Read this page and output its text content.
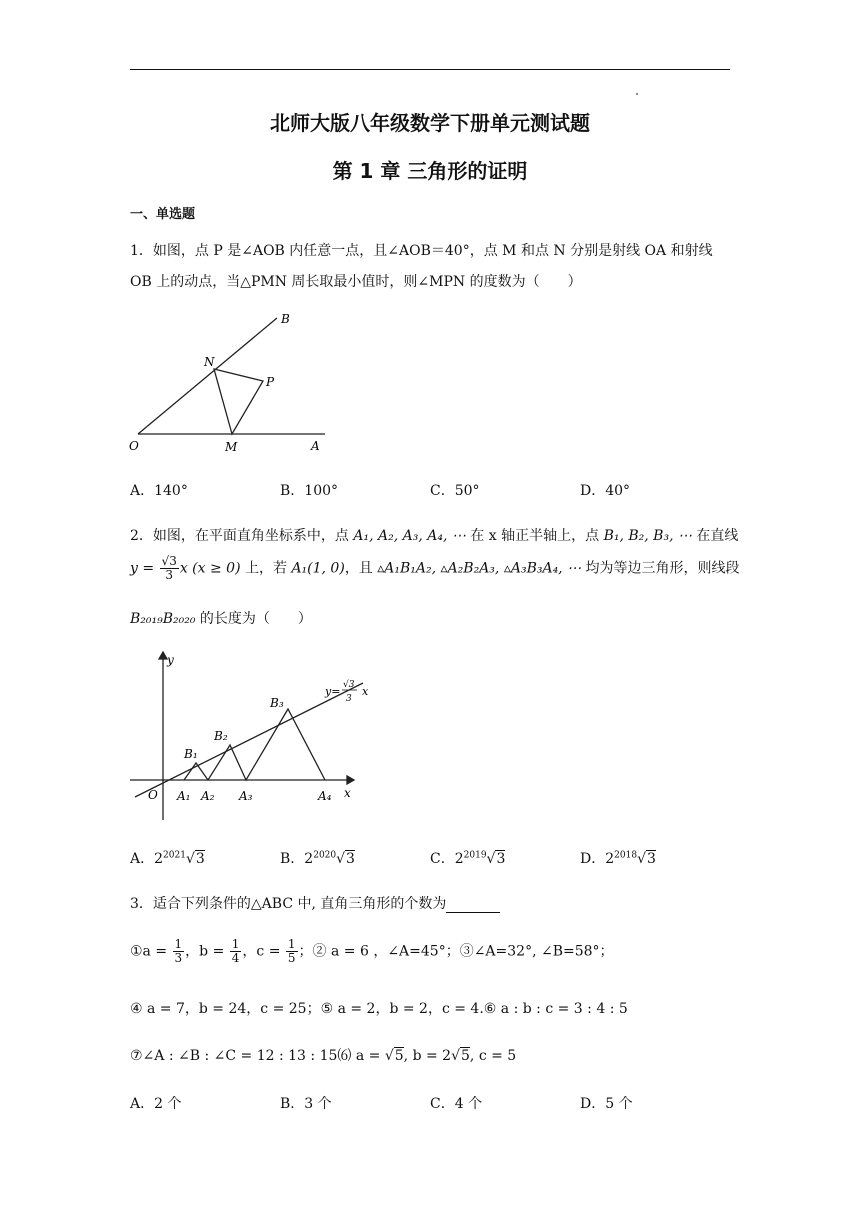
北师大版八年级数学下册单元测试题
第 1 章 三角形的证明
一、单选题
1．如图，点 P 是∠AOB 内任意一点，且∠AOB＝40°，点 M 和点 N 分别是射线 OA 和射线
OB 上的动点，当△PMN 周长取最小值时，则∠MPN 的度数为（　　）
B
N
P
O	M	A
A．140°	B．100°	C．50°	D．40°
2．如图，在平面直角坐标系中，点 A₁, A₂, A₃, A₄, ⋯ 在 x 轴正半轴上，点 B₁, B₂, B₃, ⋯ 在直线
$y = \frac{√3}{3}$ x (x ≥ 0) 上，若 A₁(1, 0)，且 ▵A₁B₁A₂, ▵A₂B₂A₃, ▵A₃B₃A₄, ⋯ 均为等边三角形，则线段
B₂₀₁₉B₂₀₂₀ 的长度为（　　）
y
x
O
y= √3
3
x
B₁
B₂
B₃
A₁ A₂ A₃	A₄
A．$2^{2021}√3$	B．$2^{2020}√3$	C．$2^{2019}√3$	D．$2^{2018}√3$
3．适合下列条件的△ABC 中, 直角三角形的个数为
①a = $\frac{1}{3}$ ，$b = \frac{1}{4}$ ，$c = \frac{1}{5}$ ；② a = 6 ，∠A=45°；③∠A=32°, ∠B=58°；
④ a = 7，b = 24，c = 25；⑤ a = 2，b = 2，c = 4.⑥ a : b : c = 3 : 4 : 5
⑦∠A : ∠B : ∠C = 12 : 13 : 15⑹ a = √5, b = 2√5, c = 5
A．2 个	B．3 个	C．4 个	D．5 个
